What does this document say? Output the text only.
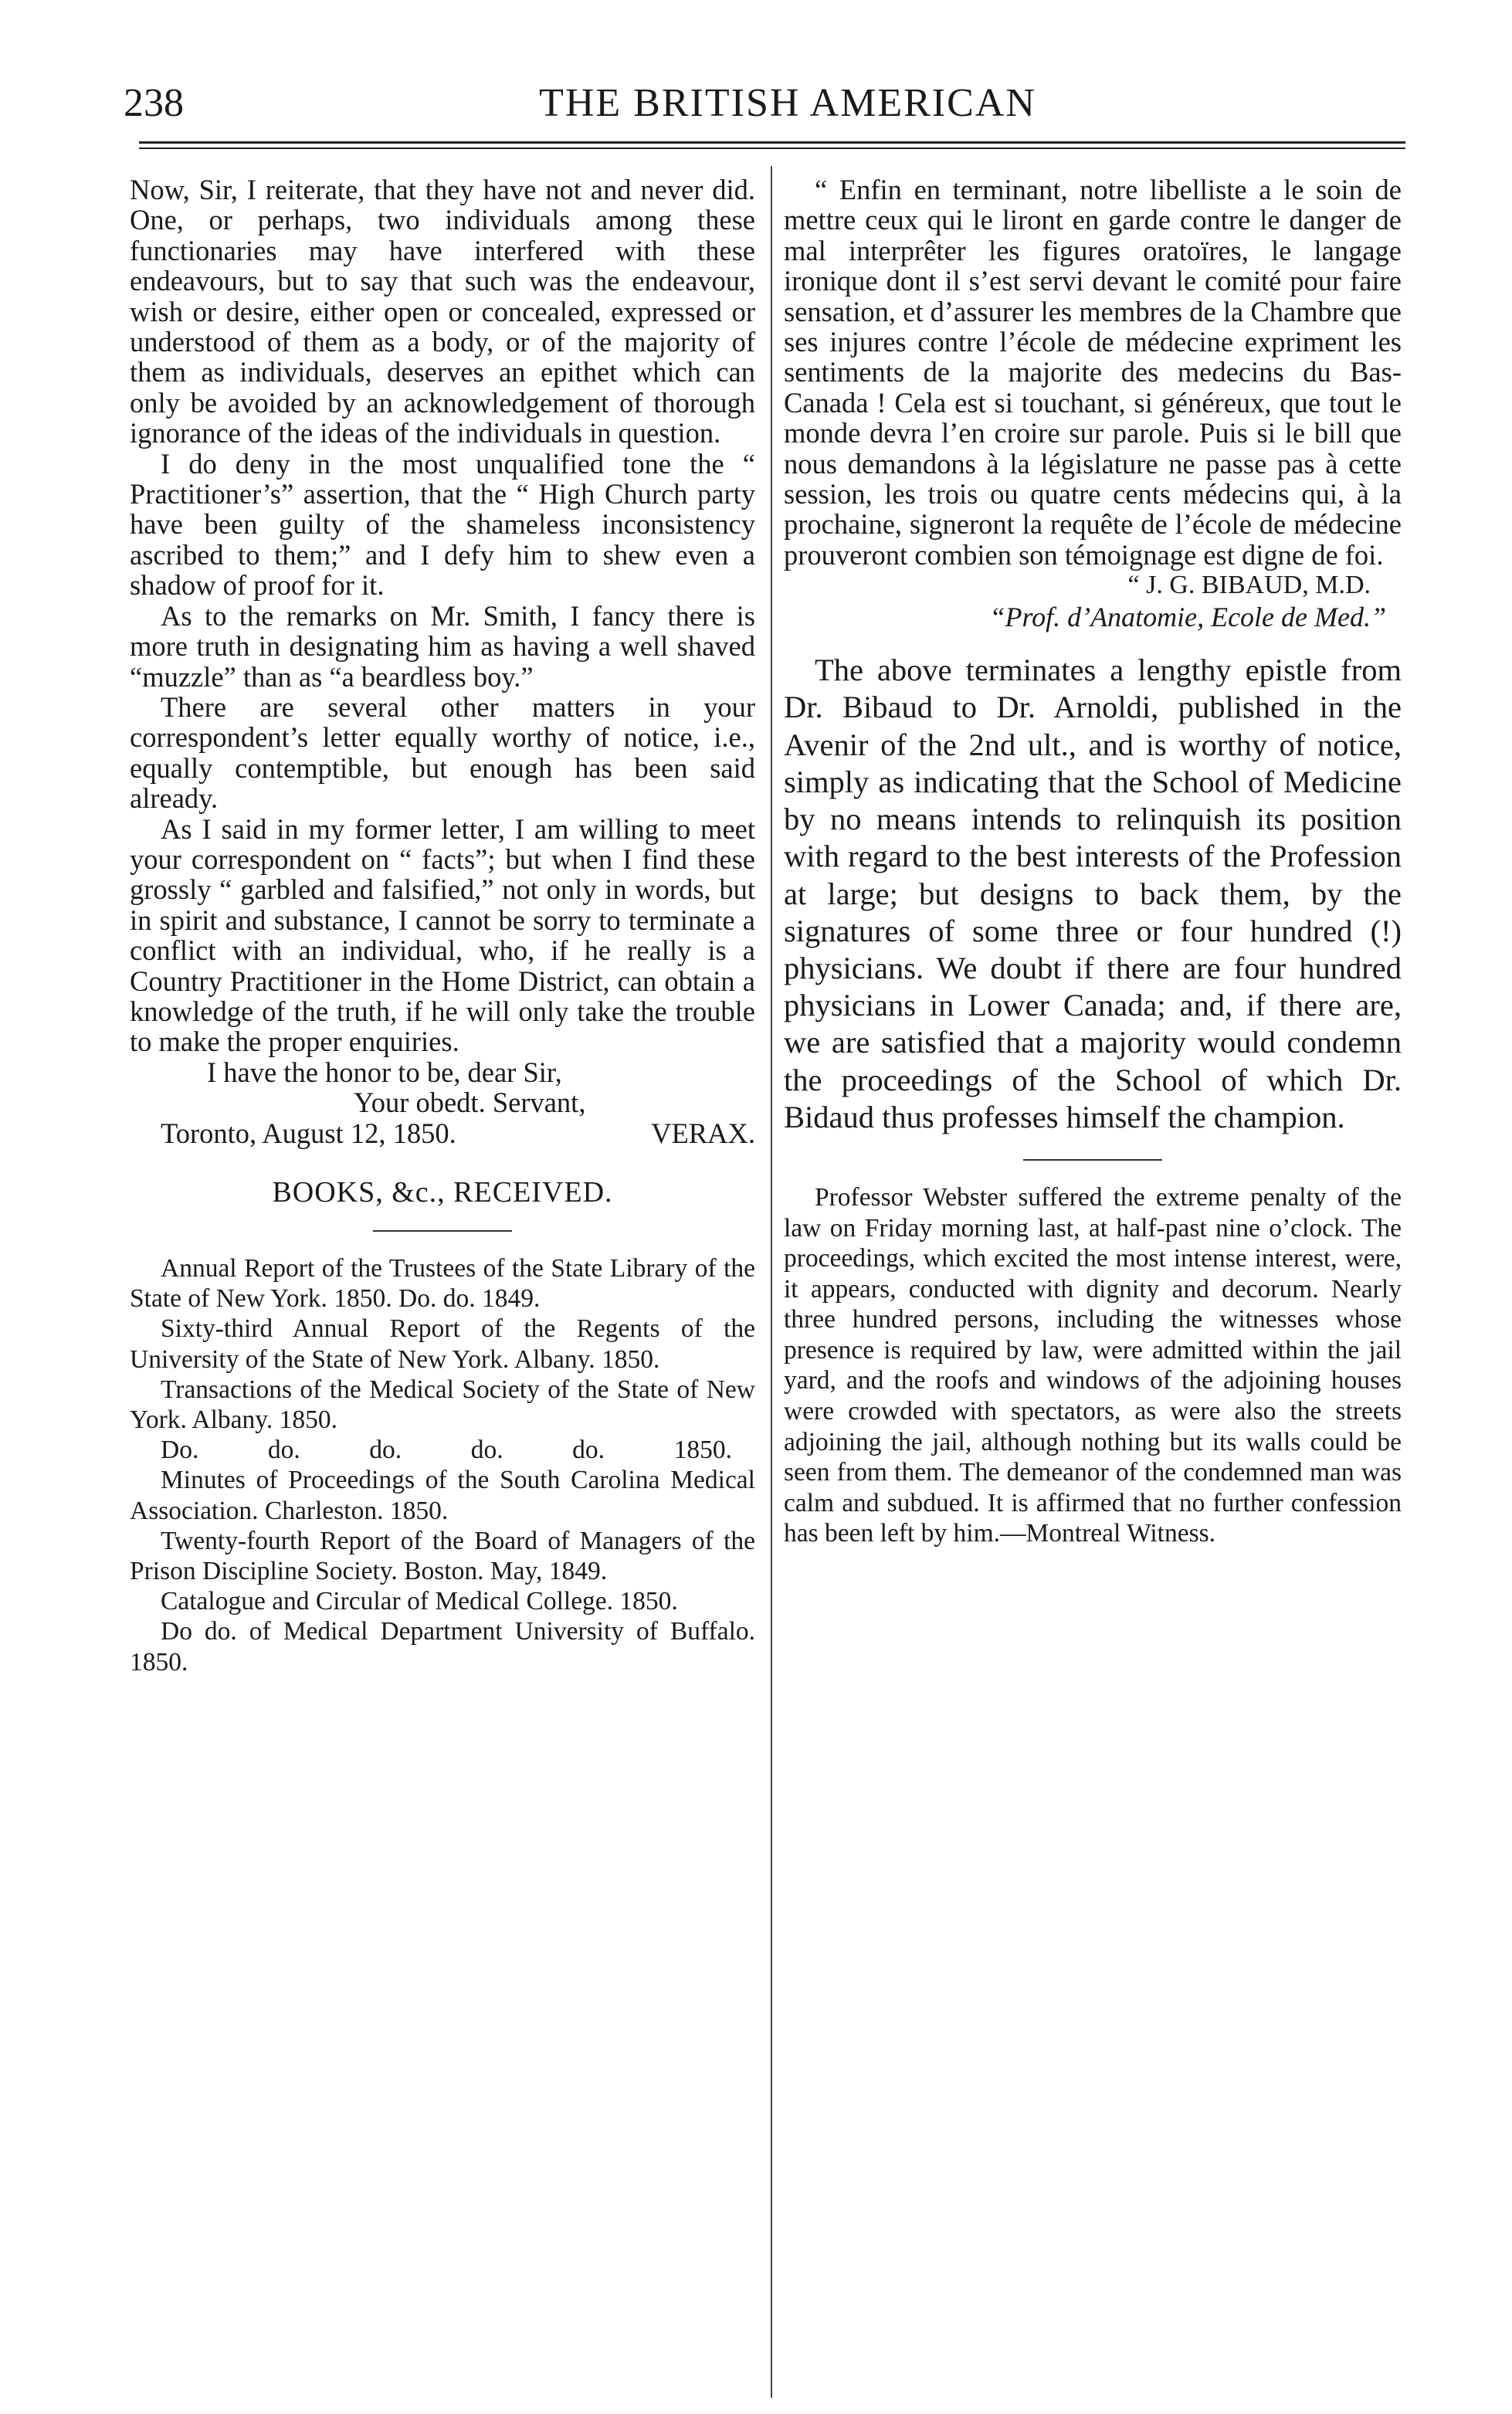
238	THE BRITISH AMERICAN

Now, Sir, I reiterate, that they have not and never did. One, or perhaps, two individuals among these functionaries may have interfered with these endeavours, but to say that such was the endeavour, wish or desire, either open or concealed, expressed or understood of them as a body, or of the majority of them as individuals, deserves an epithet which can only be avoided by an acknowledgement of thorough ignorance of the ideas of the individuals in question.

I do deny in the most unqualified tone the “ Practitioner’s” assertion, that the “ High Church party have been guilty of the shameless inconsistency ascribed to them;” and I defy him to shew even a shadow of proof for it.

As to the remarks on Mr. Smith, I fancy there is more truth in designating him as having a well shaved “muzzle” than as “a beardless boy.”

There are several other matters in your correspondent’s letter equally worthy of notice, i.e., equally contemptible, but enough has been said already.

As I said in my former letter, I am willing to meet your correspondent on “ facts”; but when I find these grossly “ garbled and falsified,” not only in words, but in spirit and substance, I cannot be sorry to terminate a conflict with an individual, who, if he really is a Country Practitioner in the Home District, can obtain a knowledge of the truth, if he will only take the trouble to make the proper enquiries.

I have the honor to be, dear Sir,
Your obedt. Servant,
Toronto, August 12, 1850.	VERAX.
BOOKS, &c., RECEIVED.
Annual Report of the Trustees of the State Library of the State of New York. 1850. Do. do. 1849.
Sixty-third Annual Report of the Regents of the University of the State of New York. Albany. 1850.
Transactions of the Medical Society of the State of New York. Albany. 1850.
Do.	do.	do.	do.	do.	1850.
Minutes of Proceedings of the South Carolina Medical Association. Charleston. 1850.
Twenty-fourth Report of the Board of Managers of the Prison Discipline Society. Boston. May, 1849.
Catalogue and Circular of Medical College. 1850.
Do do. of Medical Department University of Buffalo. 1850.

“ Enfin en terminant, notre libelliste a le soin de mettre ceux qui le liront en garde contre le danger de mal interprêter les figures oratoïres, le langage ironique dont il s’est servi devant le comité pour faire sensation, et d’assurer les membres de la Chambre que ses injures contre l’école de médecine expriment les sentiments de la majorite des medecins du Bas-Canada ! Cela est si touchant, si généreux, que tout le monde devra l’en croire sur parole. Puis si le bill que nous demandons à la législature ne passe pas à cette session, les trois ou quatre cents médecins qui, à la prochaine, signeront la requête de l’école de médecine prouveront combien son témoignage est digne de foi.

“ J. G. BIBAUD, M.D.
“Prof. d’Anatomie, Ecole de Med.”

The above terminates a lengthy epistle from Dr. Bibaud to Dr. Arnoldi, published in the Avenir of the 2nd ult., and is worthy of notice, simply as indicating that the School of Medicine by no means intends to relinquish its position with regard to the best interests of the Profession at large; but designs to back them, by the signatures of some three or four hundred (!) physicians. We doubt if there are four hundred physicians in Lower Canada; and, if there are, we are satisfied that a majority would condemn the proceedings of the School of which Dr. Bidaud thus professes himself the champion.

Professor Webster suffered the extreme penalty of the law on Friday morning last, at half-past nine o’clock. The proceedings, which excited the most intense interest, were, it appears, conducted with dignity and decorum. Nearly three hundred persons, including the witnesses whose presence is required by law, were admitted within the jail yard, and the roofs and windows of the adjoining houses were crowded with spectators, as were also the streets adjoining the jail, although nothing but its walls could be seen from them. The demeanor of the condemned man was calm and subdued. It is affirmed that no further confession has been left by him.—Montreal Witness.
